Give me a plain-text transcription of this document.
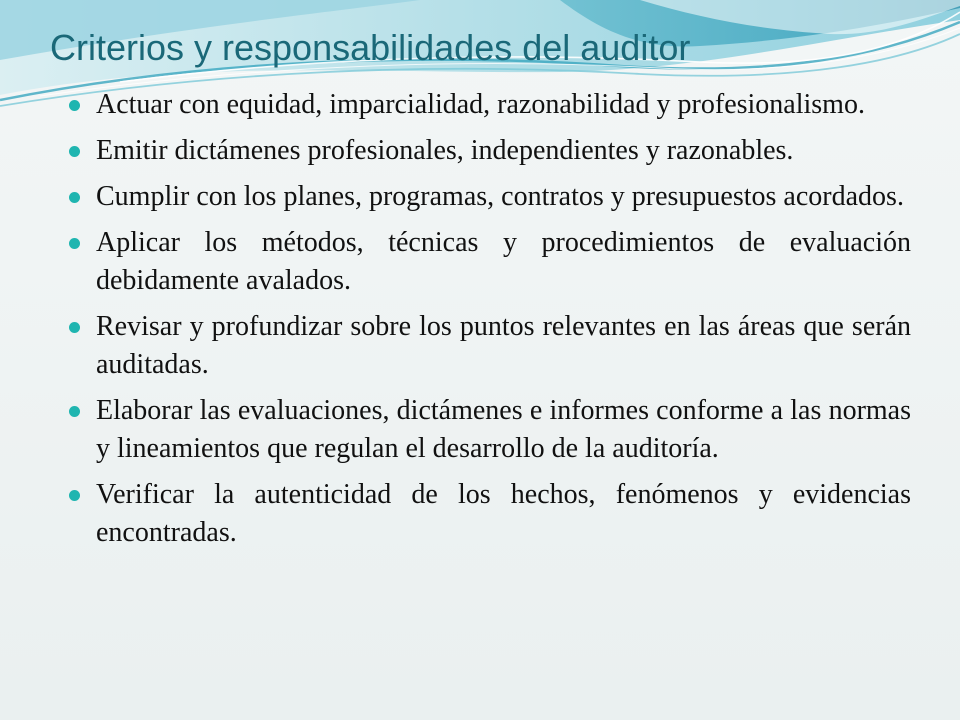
Criterios y responsabilidades del auditor
Actuar con equidad, imparcialidad, razonabilidad y profesionalismo.
Emitir dictámenes profesionales, independientes y razonables.
Cumplir con los planes, programas, contratos y presupuestos acordados.
Aplicar los métodos, técnicas y procedimientos de evaluación debidamente avalados.
Revisar y profundizar sobre los puntos relevantes en las áreas que serán auditadas.
Elaborar las evaluaciones, dictámenes e informes conforme a las normas y lineamientos que regulan el desarrollo de la auditoría.
Verificar la autenticidad de los hechos, fenómenos y evidencias encontradas.
